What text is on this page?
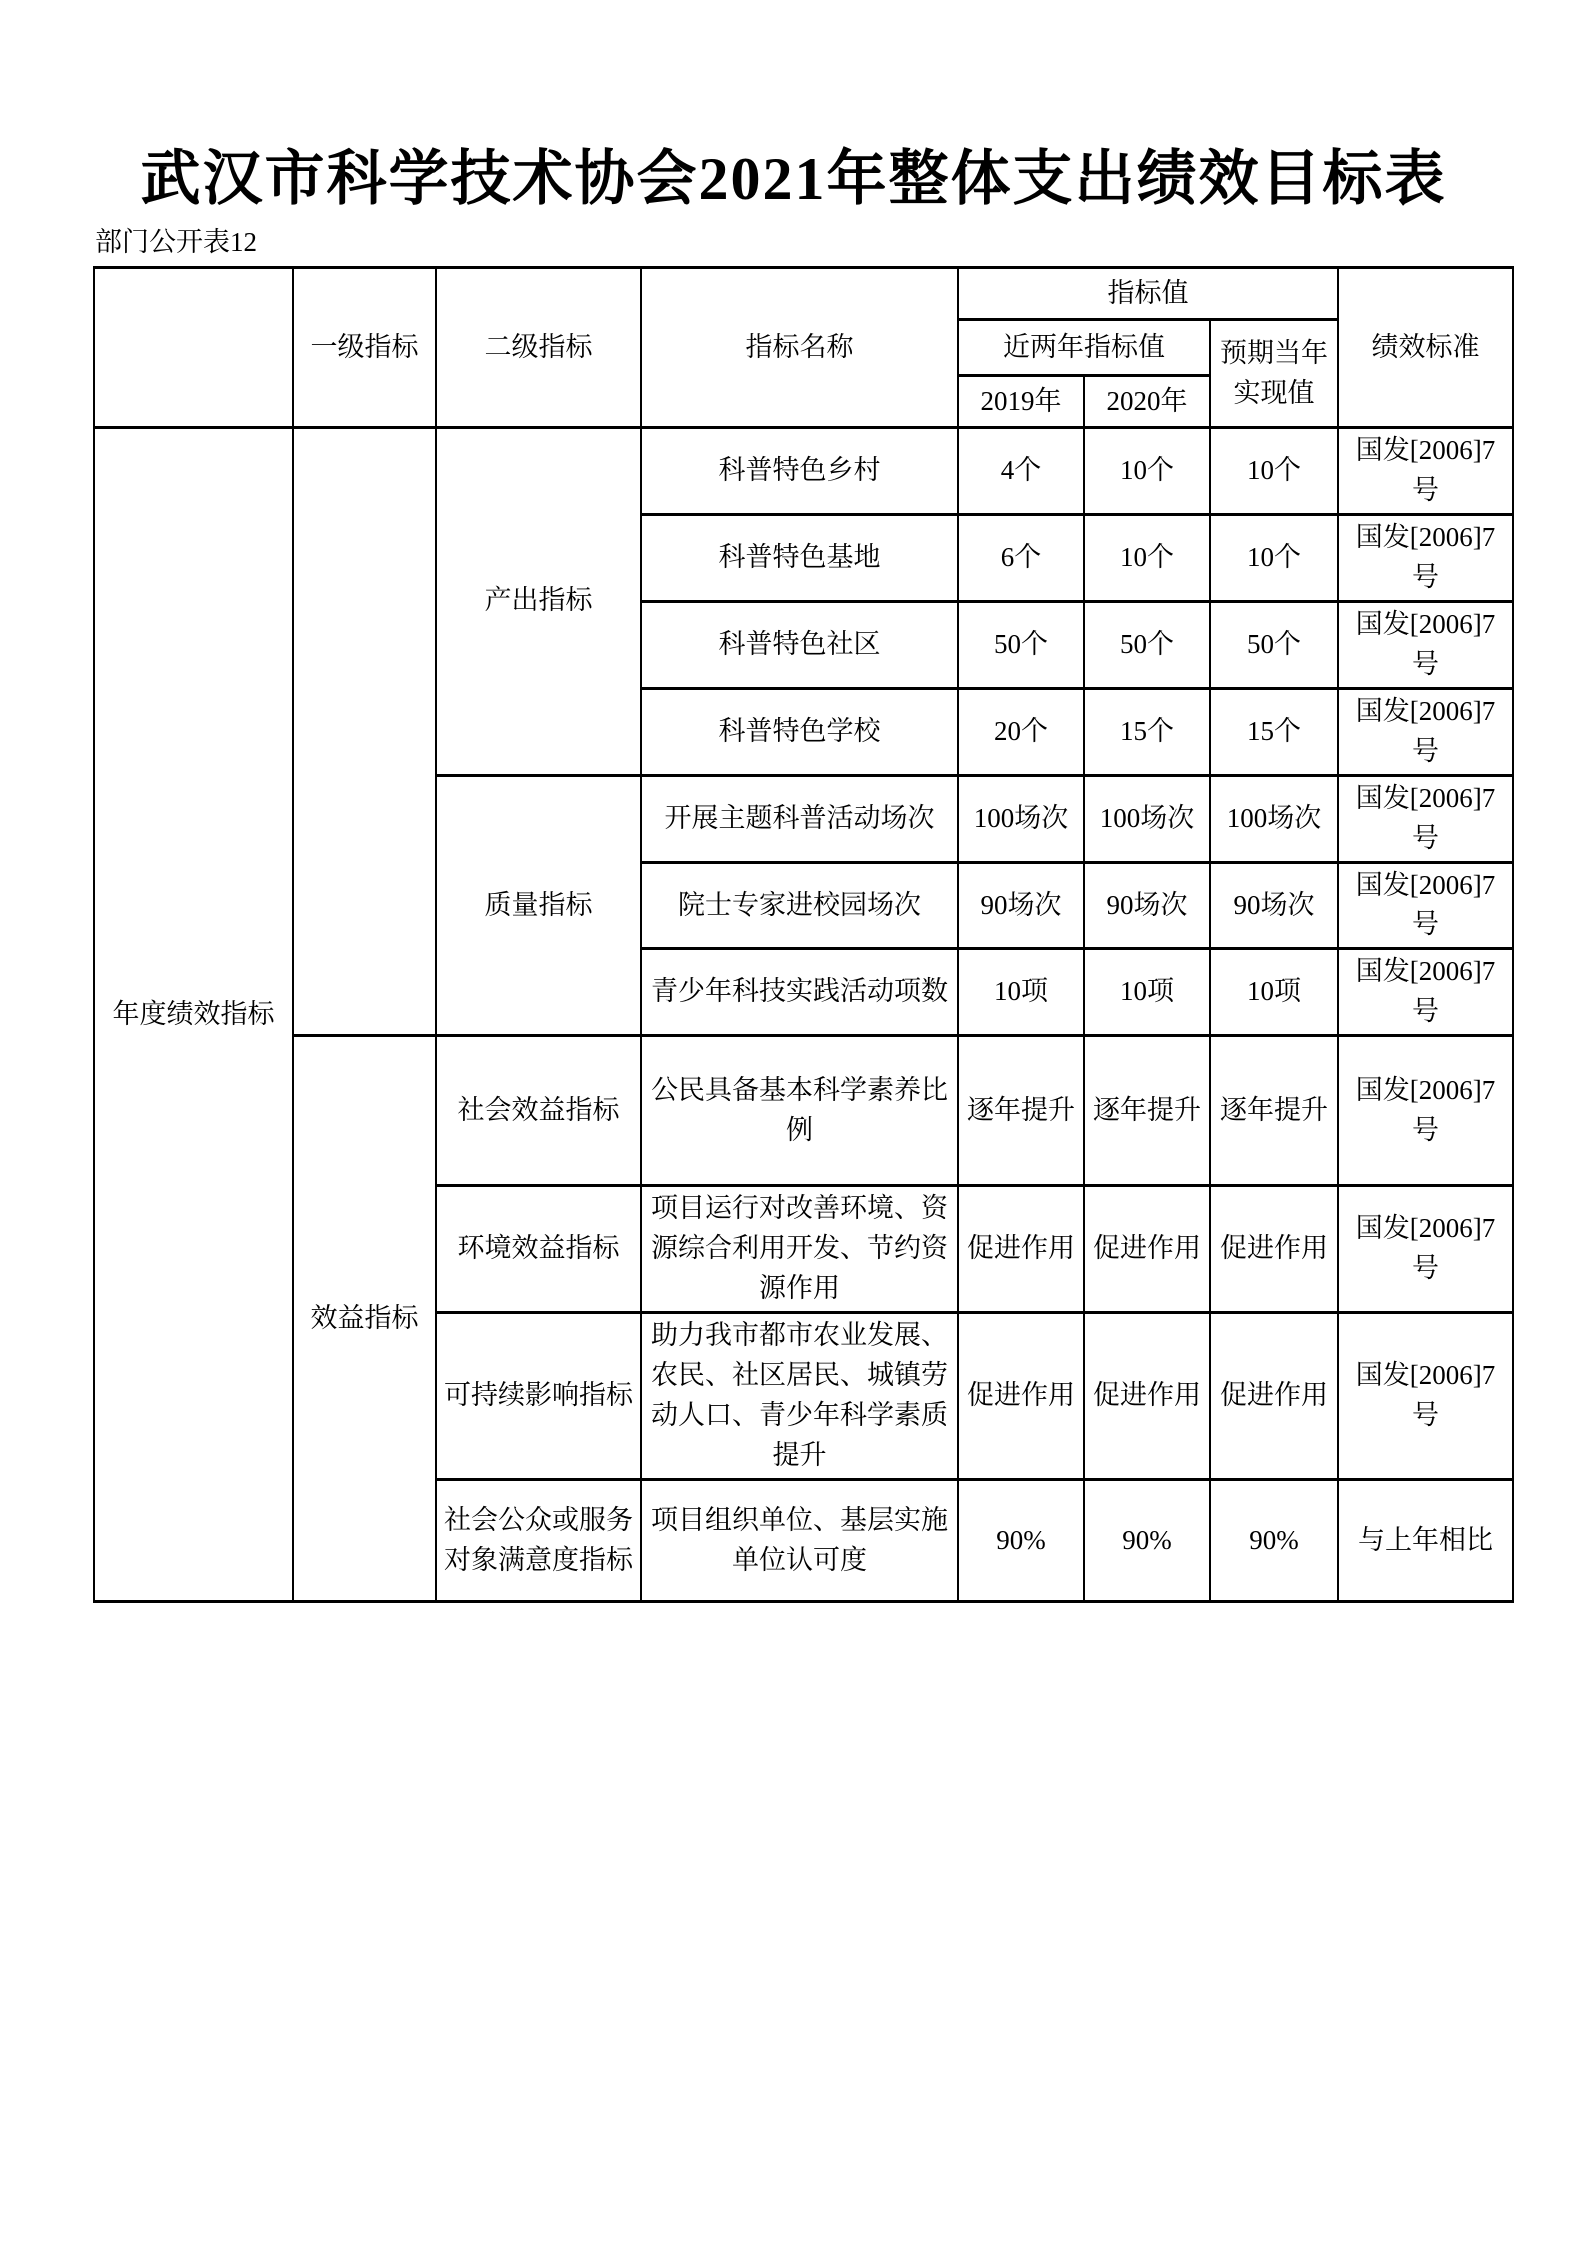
武汉市科学技术协会2021年整体支出绩效目标表
部门公开表12
	一级指标	二级指标	指标名称	指标值			绩效标准
				近两年指标值		预期当年实现值	
				2019年	2020年		
年度绩效指标		产出指标	科普特色乡村	4个	10个	10个	国发[2006]7号
			科普特色基地	6个	10个	10个	国发[2006]7号
			科普特色社区	50个	50个	50个	国发[2006]7号
			科普特色学校	20个	15个	15个	国发[2006]7号
		质量指标	开展主题科普活动场次	100场次	100场次	100场次	国发[2006]7号
			院士专家进校园场次	90场次	90场次	90场次	国发[2006]7号
			青少年科技实践活动项数	10项	10项	10项	国发[2006]7号
	效益指标	社会效益指标	公民具备基本科学素养比例	逐年提升	逐年提升	逐年提升	国发[2006]7号
		环境效益指标	项目运行对改善环境、资源综合利用开发、节约资源作用	促进作用	促进作用	促进作用	国发[2006]7号
		可持续影响指标	助力我市都市农业发展、农民、社区居民、城镇劳动人口、青少年科学素质提升	促进作用	促进作用	促进作用	国发[2006]7号
		社会公众或服务对象满意度指标	项目组织单位、基层实施单位认可度	90%	90%	90%	与上年相比
